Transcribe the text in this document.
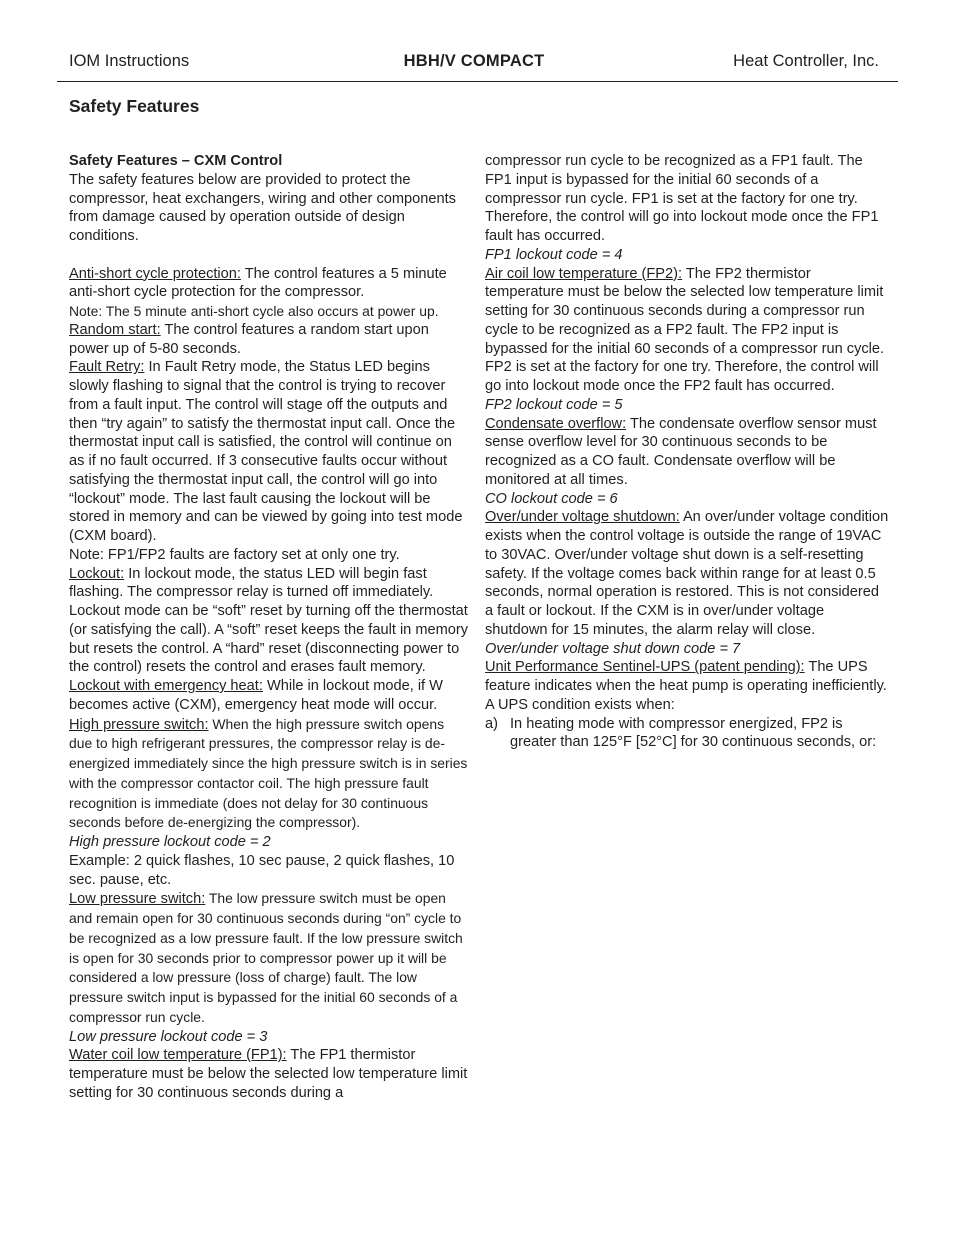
IOM Instructions	HBH/V COMPACT	Heat Controller, Inc.
Safety Features

Safety Features – CXM Control

The safety features below are provided to protect the compressor, heat exchangers, wiring and other components from damage caused by operation outside of design conditions.

Anti-short cycle protection: The control features a 5 minute anti-short cycle protection for the compressor.

Note: The 5 minute anti-short cycle also occurs at power up.

Random start: The control features a random start upon power up of 5-80 seconds.

Fault Retry: In Fault Retry mode, the Status LED begins slowly flashing to signal that the control is trying to recover from a fault input. The control will stage off the outputs and then “try again” to satisfy the thermostat input call. Once the thermostat input call is satisfied, the control will continue on as if no fault occurred. If 3 consecutive faults occur without satisfying the thermostat input call, the control will go into “lockout” mode. The last fault causing the lockout will be stored in memory and can be viewed by going into test mode (CXM board).

Note: FP1/FP2 faults are factory set at only one try.

Lockout: In lockout mode, the status LED will begin fast flashing. The compressor relay is turned off immediately. Lockout mode can be “soft” reset by turning off the thermostat (or satisfying the call). A “soft” reset keeps the fault in memory but resets the control. A “hard” reset (disconnecting power to the control) resets the control and erases fault memory.

Lockout with emergency heat: While in lockout mode, if W becomes active (CXM), emergency heat mode will occur.

High pressure switch: When the high pressure switch opens due to high refrigerant pressures, the compressor relay is de-energized immediately since the high pressure switch is in series with the compressor contactor coil. The high pressure fault recognition is immediate (does not delay for 30 continuous seconds before de-energizing the compressor).

High pressure lockout code = 2

Example: 2 quick flashes, 10 sec pause, 2 quick flashes, 10 sec. pause, etc.

Low pressure switch: The low pressure switch must be open and remain open for 30 continuous seconds during “on” cycle to be recognized as a low pressure fault. If the low pressure switch is open for 30 seconds prior to compressor power up it will be considered a low pressure (loss of charge) fault. The low pressure switch input is bypassed for the initial 60 seconds of a compressor run cycle.

Low pressure lockout code = 3

Water coil low temperature (FP1): The FP1 thermistor temperature must be below the selected low temperature limit setting for 30 continuous seconds during a

compressor run cycle to be recognized as a FP1 fault. The FP1 input is bypassed for the initial 60 seconds of a compressor run cycle. FP1 is set at the factory for one try. Therefore, the control will go into lockout mode once the FP1 fault has occurred.

FP1 lockout code = 4

Air coil low temperature (FP2): The FP2 thermistor temperature must be below the selected low temperature limit setting for 30 continuous seconds during a compressor run cycle to be recognized as a FP2 fault. The FP2 input is bypassed for the initial 60 seconds of a compressor run cycle. FP2 is set at the factory for one try. Therefore, the control will go into lockout mode once the FP2 fault has occurred.

FP2 lockout code = 5

Condensate overflow: The condensate overflow sensor must sense overflow level for 30 continuous seconds to be recognized as a CO fault. Condensate overflow will be monitored at all times.

CO lockout code = 6

Over/under voltage shutdown: An over/under voltage condition exists when the control voltage is outside the range of 19VAC to 30VAC. Over/under voltage shut down is a self-resetting safety. If the voltage comes back within range for at least 0.5 seconds, normal operation is restored. This is not considered a fault or lockout. If the CXM is in over/under voltage shutdown for 15 minutes, the alarm relay will close.

Over/under voltage shut down code = 7

Unit Performance Sentinel-UPS (patent pending): The UPS feature indicates when the heat pump is operating inefficiently. A UPS condition exists when:

a) In heating mode with compressor energized, FP2 is greater than 125°F [52°C] for 30 continuous seconds, or:
